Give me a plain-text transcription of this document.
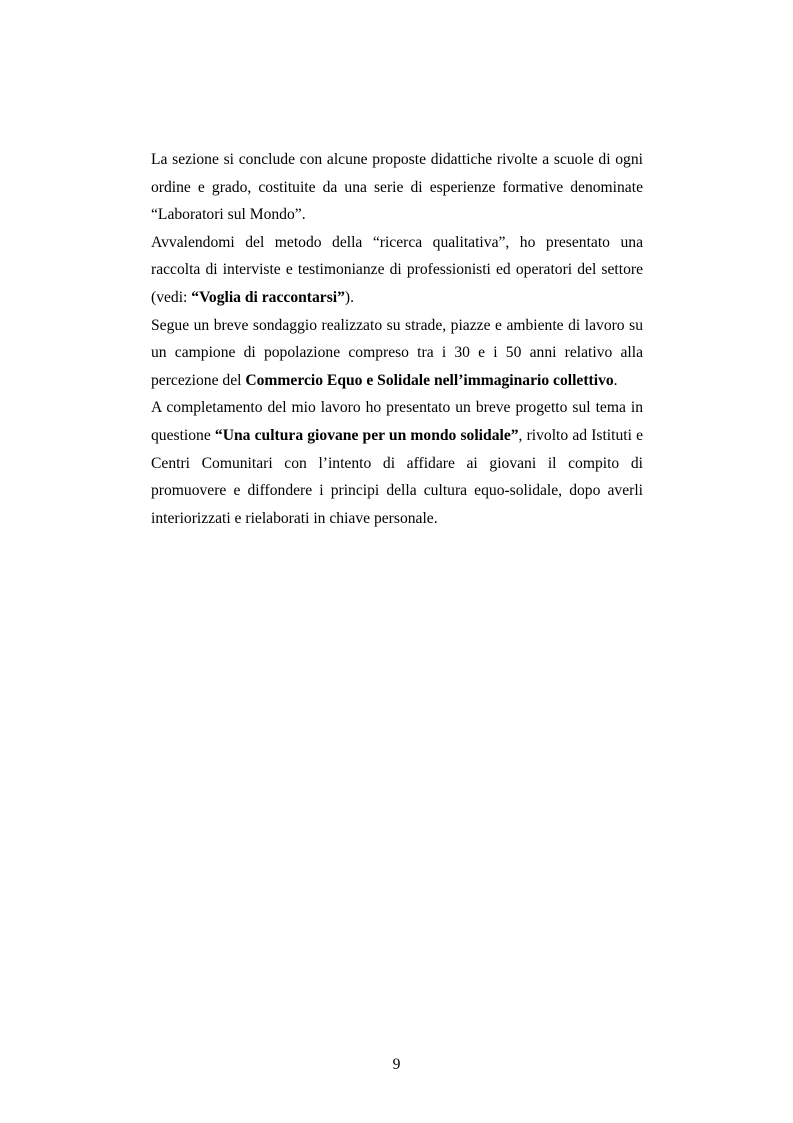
La sezione si conclude con alcune proposte didattiche rivolte a scuole di ogni ordine e grado, costituite da una serie di esperienze formative denominate “Laboratori sul Mondo”.

Avvalendomi del metodo della “ricerca qualitativa”, ho presentato una raccolta di interviste e testimonianze di professionisti ed operatori del settore (vedi: “Voglia di raccontarsi”).

Segue un breve sondaggio realizzato su strade, piazze e ambiente di lavoro su un campione di popolazione compreso tra i 30 e i 50 anni relativo alla percezione del Commercio Equo e Solidale nell’immaginario collettivo.

A completamento del mio lavoro ho presentato un breve progetto sul tema in questione “Una cultura giovane per un mondo solidale”, rivolto ad Istituti e Centri Comunitari con l’intento di affidare ai giovani il compito di promuovere e diffondere i principi della cultura equo-solidale, dopo averli interiorizzati e rielaborati in chiave personale.

9
